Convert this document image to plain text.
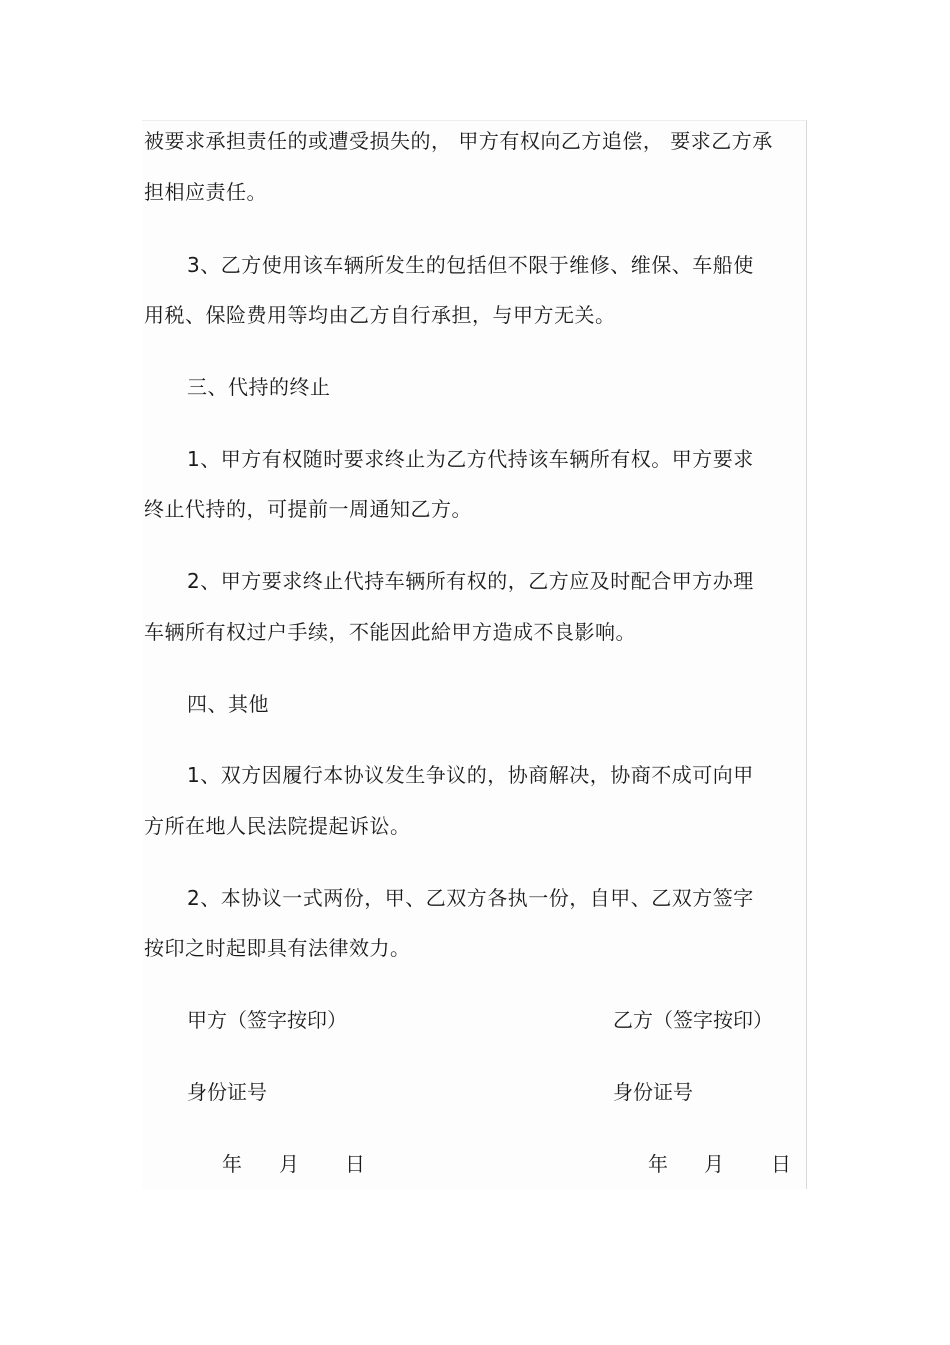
被要求承担责任的或遭受损失的， 甲方有权向乙方追偿， 要求乙方承
担相应责任。
3、乙方使用该车辆所发生的包括但不限于维修、维保、车船使
用税、保险费用等均由乙方自行承担，与甲方无关。
三、代持的终止
1、甲方有权随时要求终止为乙方代持该车辆所有权。甲方要求
终止代持的，可提前一周通知乙方。
2、甲方要求终止代持车辆所有权的，乙方应及时配合甲方办理
车辆所有权过户手续，不能因此給甲方造成不良影响。
四、其他
1、双方因履行本协议发生争议的，协商解决，协商不成可向甲
方所在地人民法院提起诉讼。
2、本协议一式两份，甲、乙双方各执一份，自甲、乙双方签字
按印之时起即具有法律效力。
甲方（签字按印）	乙方（签字按印）
身份证号	身份证号
年 月 日	年 月 日
